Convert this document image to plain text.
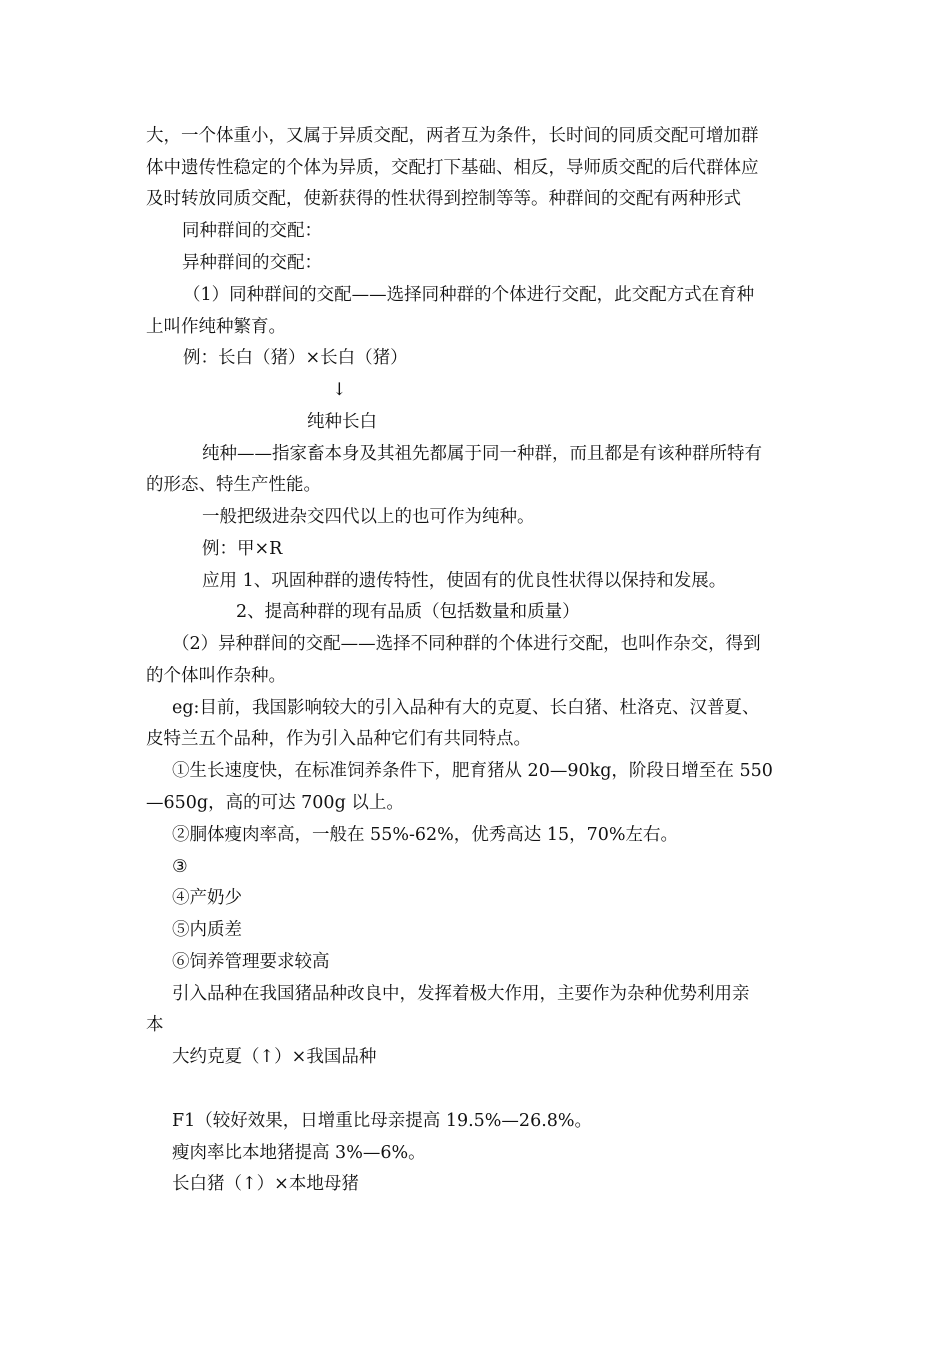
大，一个体重小，又属于异质交配，两者互为条件，长时间的同质交配可增加群
体中遗传性稳定的个体为异质，交配打下基础、相反，导师质交配的后代群体应
及时转放同质交配，使新获得的性状得到控制等等。种群间的交配有两种形式
同种群间的交配：
异种群间的交配：
（1）同种群间的交配——选择同种群的个体进行交配，此交配方式在育种
上叫作纯种繁育。
例：长白（猪）×长白（猪）
↓
纯种长白
纯种——指家畜本身及其祖先都属于同一种群，而且都是有该种群所特有
的形态、特生产性能。
一般把级进杂交四代以上的也可作为纯种。
例：甲×R
应用 1、巩固种群的遗传特性，使固有的优良性状得以保持和发展。
2、提高种群的现有品质（包括数量和质量）
（2）异种群间的交配——选择不同种群的个体进行交配，也叫作杂交，得到
的个体叫作杂种。
eg:目前，我国影响较大的引入品种有大的克夏、长白猪、杜洛克、汉普夏、
皮特兰五个品种，作为引入品种它们有共同特点。
①生长速度快，在标准饲养条件下，肥育猪从 20—90kg，阶段日增至在 550
—650g，高的可达 700g 以上。
②胴体瘦肉率高，一般在 55%-62%，优秀高达 15，70%左右。
③
④产奶少
⑤内质差
⑥饲养管理要求较高
引入品种在我国猪品种改良中，发挥着极大作用，主要作为杂种优势利用亲
本
大约克夏（↑）×我国品种
F1（较好效果，日增重比母亲提高 19.5%—26.8%。
瘦肉率比本地猪提高 3%—6%。
长白猪（↑）×本地母猪
